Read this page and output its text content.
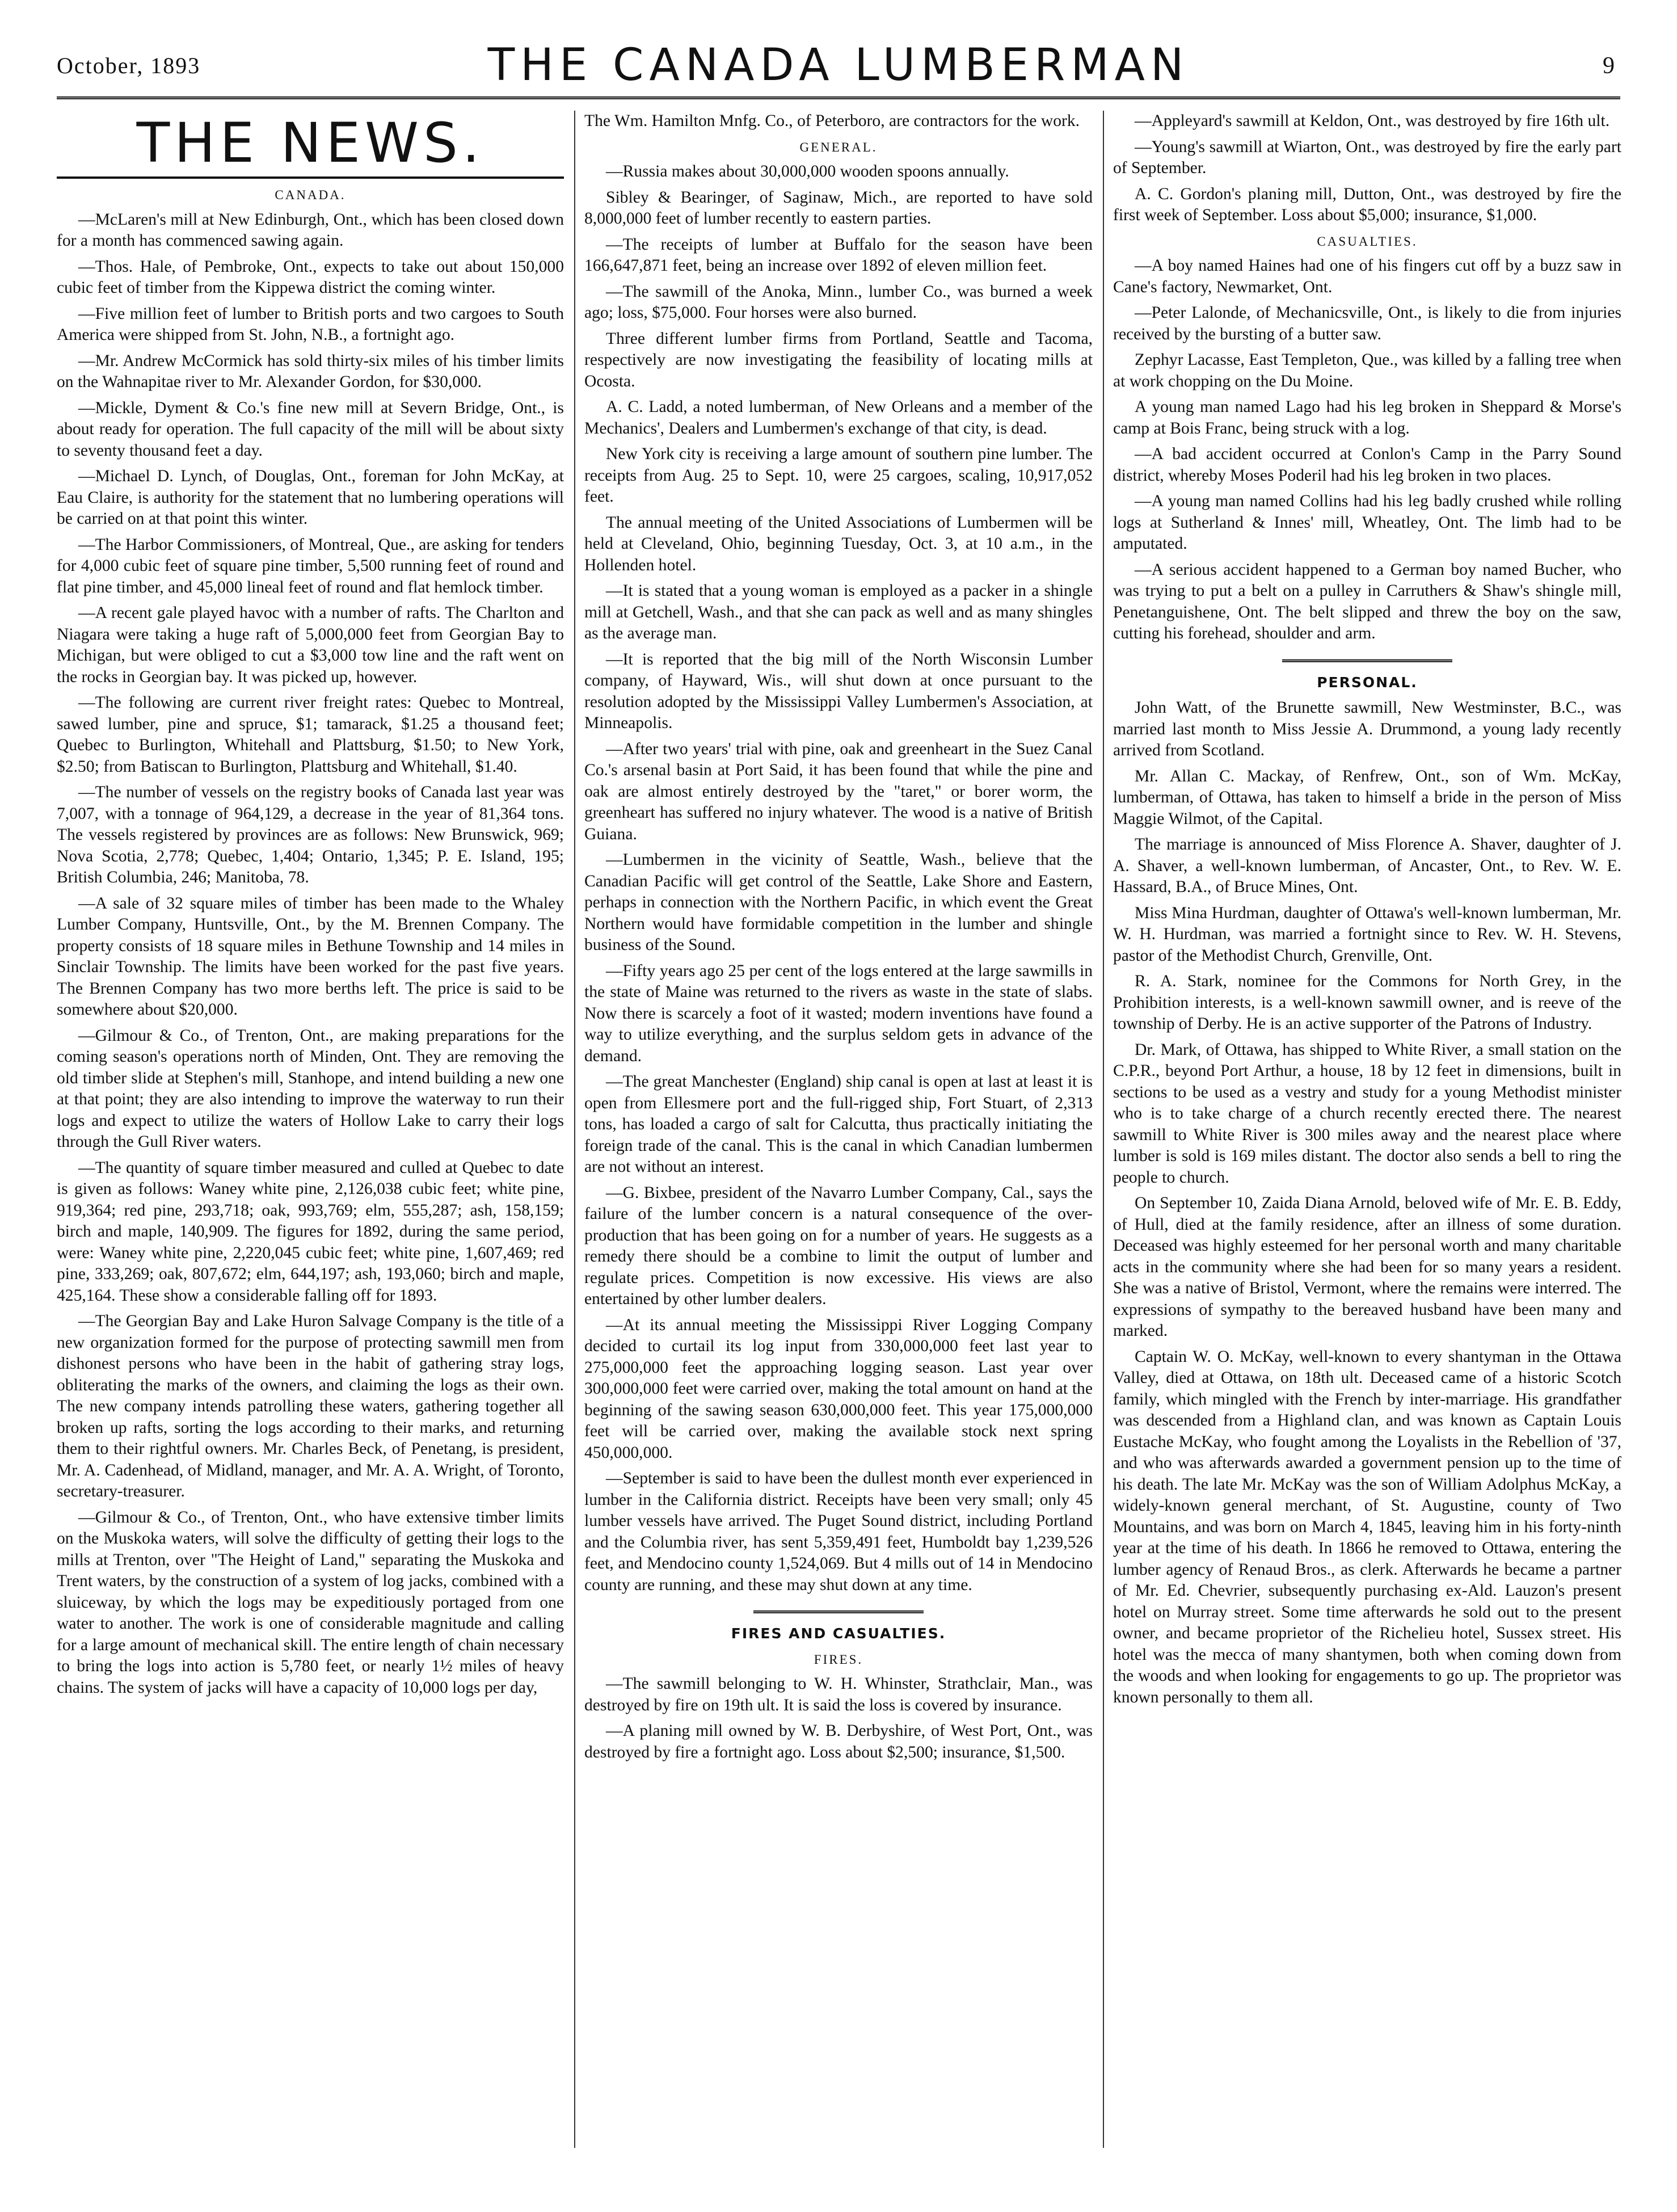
October, 1893	THE CANADA LUMBERMAN	9
THE NEWS.
CANADA.

—McLaren's mill at New Edinburgh, Ont., which has been closed down for a month has commenced sawing again.

—Thos. Hale, of Pembroke, Ont., expects to take out about 150,000 cubic feet of timber from the Kippewa district the coming winter.

—Five million feet of lumber to British ports and two cargoes to South America were shipped from St. John, N.B., a fortnight ago.

—Mr. Andrew McCormick has sold thirty-six miles of his timber limits on the Wahnapitae river to Mr. Alexander Gordon, for $30,000.

—Mickle, Dyment & Co.'s fine new mill at Severn Bridge, Ont., is about ready for operation. The full capacity of the mill will be about sixty to seventy thousand feet a day.

—Michael D. Lynch, of Douglas, Ont., foreman for John McKay, at Eau Claire, is authority for the statement that no lumbering operations will be carried on at that point this winter.

—The Harbor Commissioners, of Montreal, Que., are asking for tenders for 4,000 cubic feet of square pine timber, 5,500 running feet of round and flat pine timber, and 45,000 lineal feet of round and flat hemlock timber.

—A recent gale played havoc with a number of rafts. The Charlton and Niagara were taking a huge raft of 5,000,000 feet from Georgian Bay to Michigan, but were obliged to cut a $3,000 tow line and the raft went on the rocks in Georgian bay. It was picked up, however.

—The following are current river freight rates: Quebec to Montreal, sawed lumber, pine and spruce, $1; tamarack, $1.25 a thousand feet; Quebec to Burlington, Whitehall and Plattsburg, $1.50; to New York, $2.50; from Batiscan to Burlington, Plattsburg and Whitehall, $1.40.

—The number of vessels on the registry books of Canada last year was 7,007, with a tonnage of 964,129, a decrease in the year of 81,364 tons. The vessels registered by provinces are as follows: New Brunswick, 969; Nova Scotia, 2,778; Quebec, 1,404; Ontario, 1,345; P. E. Island, 195; British Columbia, 246; Manitoba, 78.

—A sale of 32 square miles of timber has been made to the Whaley Lumber Company, Huntsville, Ont., by the M. Brennen Company. The property consists of 18 square miles in Bethune Township and 14 miles in Sinclair Township. The limits have been worked for the past five years. The Brennen Company has two more berths left. The price is said to be somewhere about $20,000.

—Gilmour & Co., of Trenton, Ont., are making preparations for the coming season's operations north of Minden, Ont. They are removing the old timber slide at Stephen's mill, Stanhope, and intend building a new one at that point; they are also intending to improve the waterway to run their logs and expect to utilize the waters of Hollow Lake to carry their logs through the Gull River waters.

—The quantity of square timber measured and culled at Quebec to date is given as follows: Waney white pine, 2,126,038 cubic feet; white pine, 919,364; red pine, 293,718; oak, 993,769; elm, 555,287; ash, 158,159; birch and maple, 140,909. The figures for 1892, during the same period, were: Waney white pine, 2,220,045 cubic feet; white pine, 1,607,469; red pine, 333,269; oak, 807,672; elm, 644,197; ash, 193,060; birch and maple, 425,164. These show a considerable falling off for 1893.

—The Georgian Bay and Lake Huron Salvage Company is the title of a new organization formed for the purpose of protecting sawmill men from dishonest persons who have been in the habit of gathering stray logs, obliterating the marks of the owners, and claiming the logs as their own. The new company intends patrolling these waters, gathering together all broken up rafts, sorting the logs according to their marks, and returning them to their rightful owners. Mr. Charles Beck, of Penetang, is president, Mr. A. Cadenhead, of Midland, manager, and Mr. A. A. Wright, of Toronto, secretary-treasurer.

—Gilmour & Co., of Trenton, Ont., who have extensive timber limits on the Muskoka waters, will solve the difficulty of getting their logs to the mills at Trenton, over "The Height of Land," separating the Muskoka and Trent waters, by the construction of a system of log jacks, combined with a sluiceway, by which the logs may be expeditiously portaged from one water to another. The work is one of considerable magnitude and calling for a large amount of mechanical skill. The entire length of chain necessary to bring the logs into action is 5,780 feet, or nearly 1½ miles of heavy chains. The system of jacks will have a capacity of 10,000 logs per day,

The Wm. Hamilton Mnfg. Co., of Peterboro, are contractors for the work.

GENERAL.

—Russia makes about 30,000,000 wooden spoons annually.

Sibley & Bearinger, of Saginaw, Mich., are reported to have sold 8,000,000 feet of lumber recently to eastern parties.

—The receipts of lumber at Buffalo for the season have been 166,647,871 feet, being an increase over 1892 of eleven million feet.

—The sawmill of the Anoka, Minn., lumber Co., was burned a week ago; loss, $75,000. Four horses were also burned.

Three different lumber firms from Portland, Seattle and Tacoma, respectively are now investigating the feasibility of locating mills at Ocosta.

A. C. Ladd, a noted lumberman, of New Orleans and a member of the Mechanics', Dealers and Lumbermen's exchange of that city, is dead.

New York city is receiving a large amount of southern pine lumber. The receipts from Aug. 25 to Sept. 10, were 25 cargoes, scaling, 10,917,052 feet.

The annual meeting of the United Associations of Lumbermen will be held at Cleveland, Ohio, beginning Tuesday, Oct. 3, at 10 a.m., in the Hollenden hotel.

—It is stated that a young woman is employed as a packer in a shingle mill at Getchell, Wash., and that she can pack as well and as many shingles as the average man.

—It is reported that the big mill of the North Wisconsin Lumber company, of Hayward, Wis., will shut down at once pursuant to the resolution adopted by the Mississippi Valley Lumbermen's Association, at Minneapolis.

—After two years' trial with pine, oak and greenheart in the Suez Canal Co.'s arsenal basin at Port Said, it has been found that while the pine and oak are almost entirely destroyed by the "taret," or borer worm, the greenheart has suffered no injury whatever. The wood is a native of British Guiana.

—Lumbermen in the vicinity of Seattle, Wash., believe that the Canadian Pacific will get control of the Seattle, Lake Shore and Eastern, perhaps in connection with the Northern Pacific, in which event the Great Northern would have formidable competition in the lumber and shingle business of the Sound.

—Fifty years ago 25 per cent of the logs entered at the large sawmills in the state of Maine was returned to the rivers as waste in the state of slabs. Now there is scarcely a foot of it wasted; modern inventions have found a way to utilize everything, and the surplus seldom gets in advance of the demand.

—The great Manchester (England) ship canal is open at last at least it is open from Ellesmere port and the full-rigged ship, Fort Stuart, of 2,313 tons, has loaded a cargo of salt for Calcutta, thus practically initiating the foreign trade of the canal. This is the canal in which Canadian lumbermen are not without an interest.

—G. Bixbee, president of the Navarro Lumber Company, Cal., says the failure of the lumber concern is a natural consequence of the over-production that has been going on for a number of years. He suggests as a remedy there should be a combine to limit the output of lumber and regulate prices. Competition is now excessive. His views are also entertained by other lumber dealers.

—At its annual meeting the Mississippi River Logging Company decided to curtail its log input from 330,000,000 feet last year to 275,000,000 feet the approaching logging season. Last year over 300,000,000 feet were carried over, making the total amount on hand at the beginning of the sawing season 630,000,000 feet. This year 175,000,000 feet will be carried over, making the available stock next spring 450,000,000.

—September is said to have been the dullest month ever experienced in lumber in the California district. Receipts have been very small; only 45 lumber vessels have arrived. The Puget Sound district, including Portland and the Columbia river, has sent 5,359,491 feet, Humboldt bay 1,239,526 feet, and Mendocino county 1,524,069. But 4 mills out of 14 in Mendocino county are running, and these may shut down at any time.

FIRES AND CASUALTIES.
FIRES.

—The sawmill belonging to W. H. Whinster, Strathclair, Man., was destroyed by fire on 19th ult. It is said the loss is covered by insurance.

—A planing mill owned by W. B. Derbyshire, of West Port, Ont., was destroyed by fire a fortnight ago. Loss about $2,500; insurance, $1,500.

—Appleyard's sawmill at Keldon, Ont., was destroyed by fire 16th ult.

—Young's sawmill at Wiarton, Ont., was destroyed by fire the early part of September.

A. C. Gordon's planing mill, Dutton, Ont., was destroyed by fire the first week of September. Loss about $5,000; insurance, $1,000.

CASUALTIES.

—A boy named Haines had one of his fingers cut off by a buzz saw in Cane's factory, Newmarket, Ont.

—Peter Lalonde, of Mechanicsville, Ont., is likely to die from injuries received by the bursting of a butter saw.

Zephyr Lacasse, East Templeton, Que., was killed by a falling tree when at work chopping on the Du Moine.

A young man named Lago had his leg broken in Sheppard & Morse's camp at Bois Franc, being struck with a log.

—A bad accident occurred at Conlon's Camp in the Parry Sound district, whereby Moses Poderil had his leg broken in two places.

—A young man named Collins had his leg badly crushed while rolling logs at Sutherland & Innes' mill, Wheatley, Ont. The limb had to be amputated.

—A serious accident happened to a German boy named Bucher, who was trying to put a belt on a pulley in Carruthers & Shaw's shingle mill, Penetanguishene, Ont. The belt slipped and threw the boy on the saw, cutting his forehead, shoulder and arm.

PERSONAL.

John Watt, of the Brunette sawmill, New Westminster, B.C., was married last month to Miss Jessie A. Drummond, a young lady recently arrived from Scotland.

Mr. Allan C. Mackay, of Renfrew, Ont., son of Wm. McKay, lumberman, of Ottawa, has taken to himself a bride in the person of Miss Maggie Wilmot, of the Capital.

The marriage is announced of Miss Florence A. Shaver, daughter of J. A. Shaver, a well-known lumberman, of Ancaster, Ont., to Rev. W. E. Hassard, B.A., of Bruce Mines, Ont.

Miss Mina Hurdman, daughter of Ottawa's well-known lumberman, Mr. W. H. Hurdman, was married a fortnight since to Rev. W. H. Stevens, pastor of the Methodist Church, Grenville, Ont.

R. A. Stark, nominee for the Commons for North Grey, in the Prohibition interests, is a well-known sawmill owner, and is reeve of the township of Derby. He is an active supporter of the Patrons of Industry.

Dr. Mark, of Ottawa, has shipped to White River, a small station on the C.P.R., beyond Port Arthur, a house, 18 by 12 feet in dimensions, built in sections to be used as a vestry and study for a young Methodist minister who is to take charge of a church recently erected there. The nearest sawmill to White River is 300 miles away and the nearest place where lumber is sold is 169 miles distant. The doctor also sends a bell to ring the people to church.

On September 10, Zaida Diana Arnold, beloved wife of Mr. E. B. Eddy, of Hull, died at the family residence, after an illness of some duration. Deceased was highly esteemed for her personal worth and many charitable acts in the community where she had been for so many years a resident. She was a native of Bristol, Vermont, where the remains were interred. The expressions of sympathy to the bereaved husband have been many and marked.

Captain W. O. McKay, well-known to every shantyman in the Ottawa Valley, died at Ottawa, on 18th ult. Deceased came of a historic Scotch family, which mingled with the French by inter-marriage. His grandfather was descended from a Highland clan, and was known as Captain Louis Eustache McKay, who fought among the Loyalists in the Rebellion of '37, and who was afterwards awarded a government pension up to the time of his death. The late Mr. McKay was the son of William Adolphus McKay, a widely-known general merchant, of St. Augustine, county of Two Mountains, and was born on March 4, 1845, leaving him in his forty-ninth year at the time of his death. In 1866 he removed to Ottawa, entering the lumber agency of Renaud Bros., as clerk. Afterwards he became a partner of Mr. Ed. Chevrier, subsequently purchasing ex-Ald. Lauzon's present hotel on Murray street. Some time afterwards he sold out to the present owner, and became proprietor of the Richelieu hotel, Sussex street. His hotel was the mecca of many shantymen, both when coming down from the woods and when looking for engagements to go up. The proprietor was known personally to them all.
